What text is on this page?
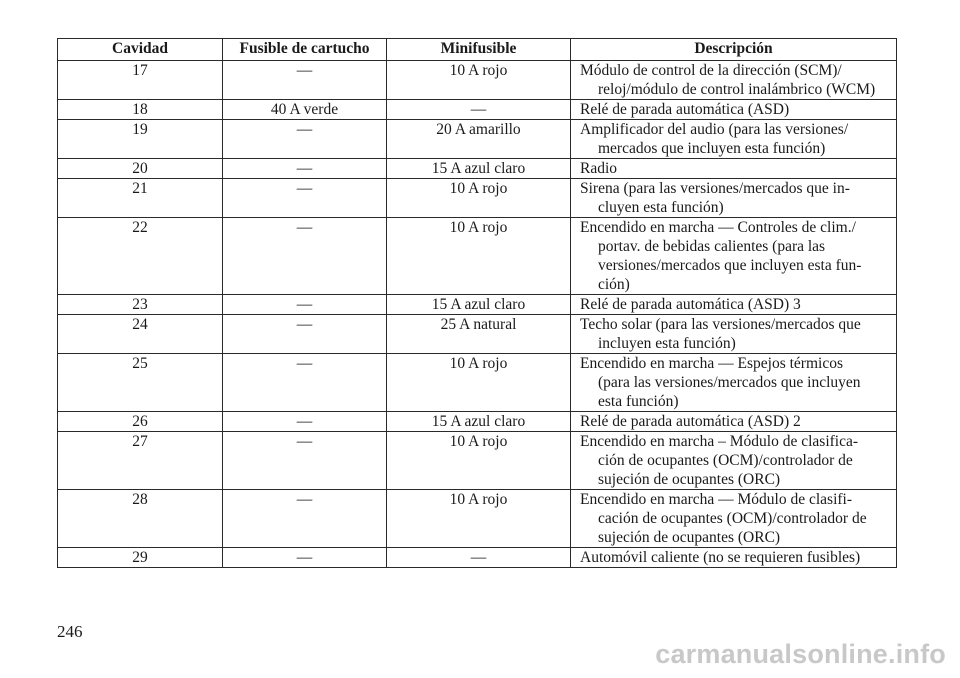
Cavidad	Fusible de cartucho	Minifusible	Descripción
17	—	10 A rojo	Módulo de control de la dirección (SCM)/
reloj/módulo de control inalámbrico (WCM)

18	40 A verde	—	Relé de parada automática (ASD)

19	—	20 A amarillo	Amplificador del audio (para las versiones/
mercados que incluyen esta función)

20	—	15 A azul claro	Radio

21	—	10 A rojo	Sirena (para las versiones/mercados que in-
cluyen esta función)

22	—	10 A rojo	Encendido en marcha — Controles de clim./
portav. de bebidas calientes (para las
versiones/mercados que incluyen esta fun-
ción)

23	—	15 A azul claro	Relé de parada automática (ASD) 3

24	—	25 A natural	Techo solar (para las versiones/mercados que
incluyen esta función)

25	—	10 A rojo	Encendido en marcha — Espejos térmicos
(para las versiones/mercados que incluyen
esta función)

26	—	15 A azul claro	Relé de parada automática (ASD) 2

27	—	10 A rojo	Encendido en marcha – Módulo de clasifica-
ción de ocupantes (OCM)/controlador de
sujeción de ocupantes (ORC)

28	—	10 A rojo	Encendido en marcha — Módulo de clasifi-
cación de ocupantes (OCM)/controlador de
sujeción de ocupantes (ORC)

29	—	—	Automóvil caliente (no se requieren fusibles)
246
carmanualsonline.info
